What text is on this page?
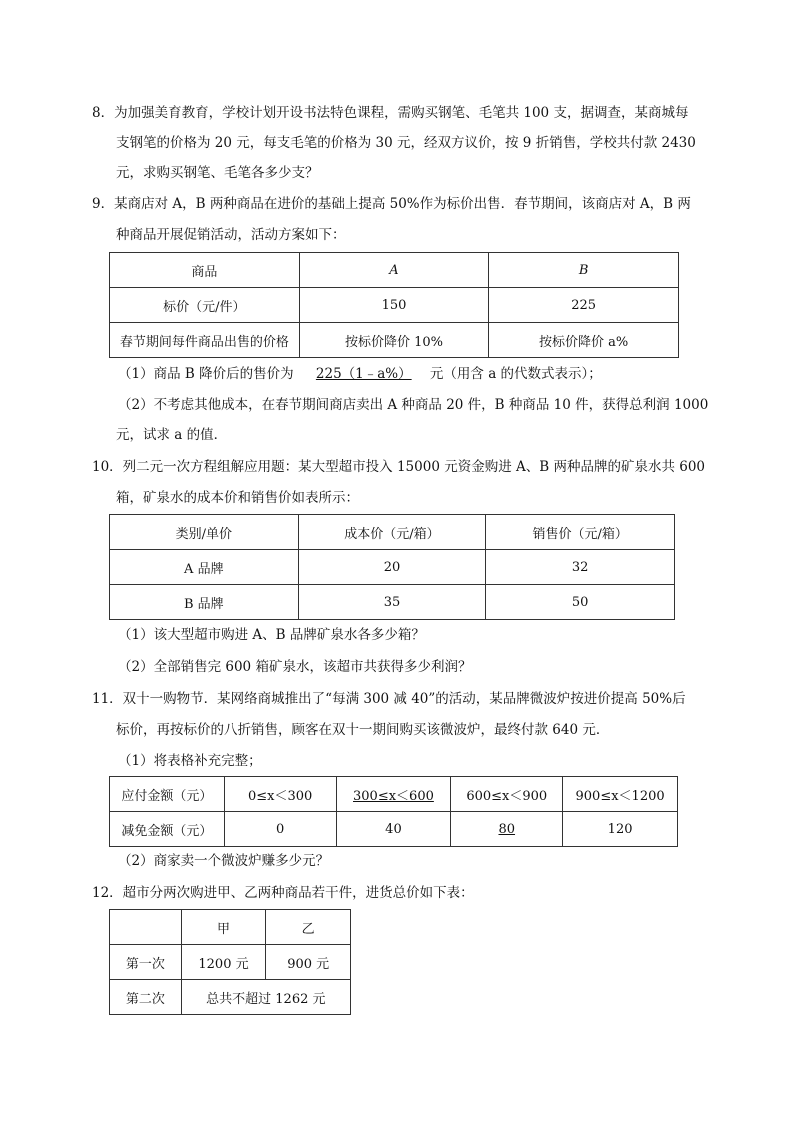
8．为加强美育教育，学校计划开设书法特色课程，需购买钢笔、毛笔共 100 支，据调查，某商城每
支钢笔的价格为 20 元，每支毛笔的价格为 30 元，经双方议价，按 9 折销售，学校共付款 2430
元，求购买钢笔、毛笔各多少支？
9．某商店对 A，B 两种商品在进价的基础上提高 50%作为标价出售．春节期间，该商店对 A，B 两
种商品开展促销活动，活动方案如下：
商品	A	B
标价（元/件）	150	225
春节期间每件商品出售的价格	按标价降价 10%	按标价降价 a%
（1）商品 B 降价后的售价为 225（1﹣a%） 元（用含 a 的代数式表示）；
（2）不考虑其他成本，在春节期间商店卖出 A 种商品 20 件，B 种商品 10 件，获得总利润 1000
元，试求 a 的值．
10．列二元一次方程组解应用题：某大型超市投入 15000 元资金购进 A、B 两种品牌的矿泉水共 600
箱，矿泉水的成本价和销售价如表所示：
类别/单价	成本价（元/箱）	销售价（元/箱）
A 品牌	20	32
B 品牌	35	50
（1）该大型超市购进 A、B 品牌矿泉水各多少箱？
（2）全部销售完 600 箱矿泉水，该超市共获得多少利润？
11．双十一购物节．某网络商城推出了“每满 300 减 40”的活动，某品牌微波炉按进价提高 50%后
标价，再按标价的八折销售，顾客在双十一期间购买该微波炉，最终付款 640 元．
（1）将表格补充完整；
应付金额（元）	0≤x＜300	300≤x＜600	600≤x＜900	900≤x＜1200
减免金额（元）	0	40	80	120
（2）商家卖一个微波炉赚多少元？
12．超市分两次购进甲、乙两种商品若干件，进货总价如下表：
	甲	乙
第一次	1200 元	900 元
第二次	总共不超过 1262 元	
